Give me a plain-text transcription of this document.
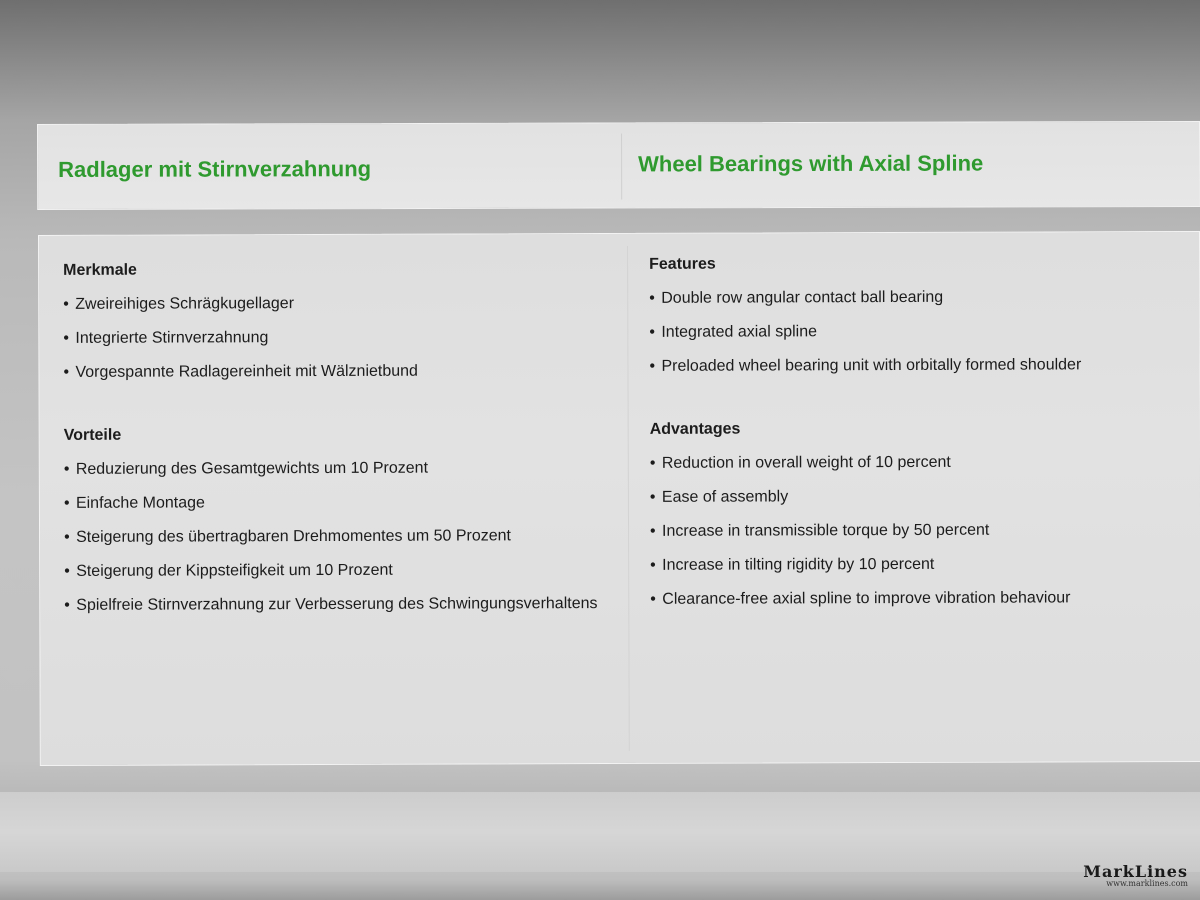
Radlager mit Stirnverzahnung	Wheel Bearings with Axial Spline
Merkmale
• Zweireihiges Schrägkugellager
• Integrierte Stirnverzahnung
• Vorgespannte Radlagereinheit mit Wälznietbund
Vorteile
• Reduzierung des Gesamtgewichts um 10 Prozent
• Einfache Montage
• Steigerung des übertragbaren Drehmomentes um 50 Prozent
• Steigerung der Kippsteifigkeit um 10 Prozent
• Spielfreie Stirnverzahnung zur Verbesserung des Schwingungsverhaltens
Features
• Double row angular contact ball bearing
• Integrated axial spline
• Preloaded wheel bearing unit with orbitally formed shoulder
Advantages
• Reduction in overall weight of 10 percent
• Ease of assembly
• Increase in transmissible torque by 50 percent
• Increase in tilting rigidity by 10 percent
• Clearance-free axial spline to improve vibration behaviour
MarkLines
www.marklines.com
